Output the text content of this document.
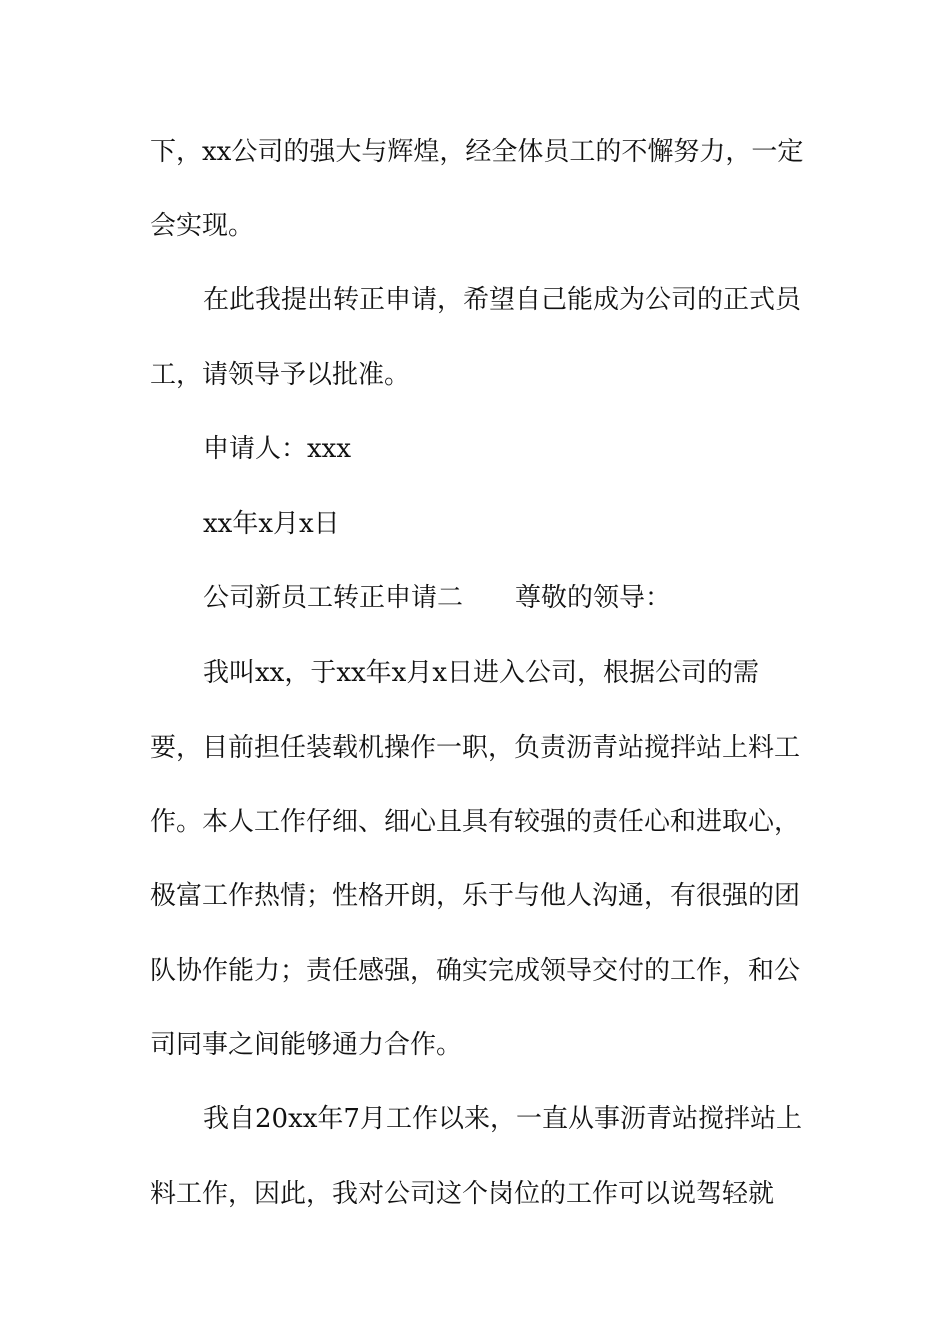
下，xx公司的强大与辉煌，经全体员工的不懈努力，一定
会实现。
在此我提出转正申请，希望自己能成为公司的正式员
工，请领导予以批准。
申请人：xxx
xx年x月x日
公司新员工转正申请二 尊敬的领导：
我叫xx，于xx年x月x日进入公司，根据公司的需
要，目前担任装载机操作一职，负责沥青站搅拌站上料工
作。本人工作仔细、细心且具有较强的责任心和进取心，
极富工作热情；性格开朗，乐于与他人沟通，有很强的团
队协作能力；责任感强，确实完成领导交付的工作，和公
司同事之间能够通力合作。
我自20xx年7月工作以来，一直从事沥青站搅拌站上
料工作，因此，我对公司这个岗位的工作可以说驾轻就
